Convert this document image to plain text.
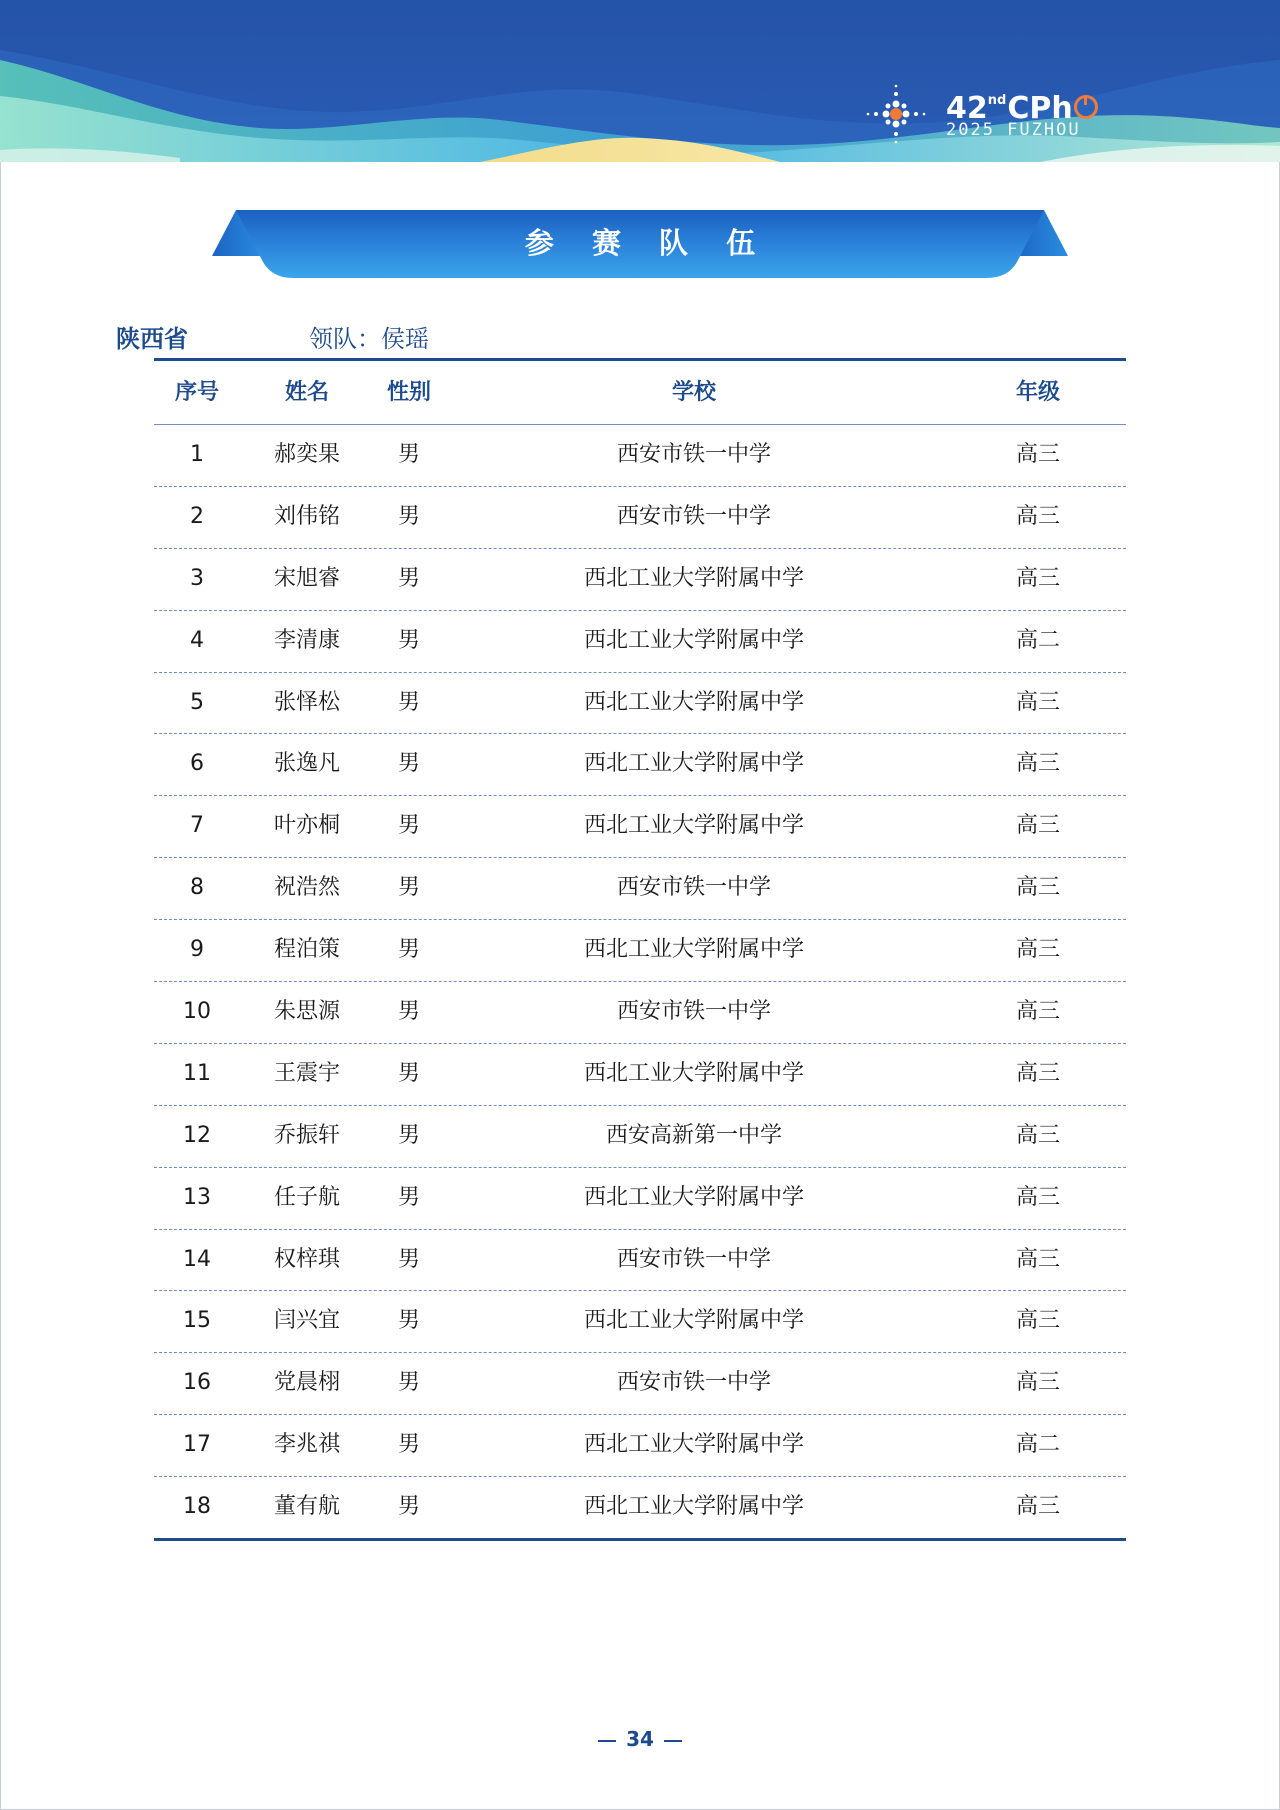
42ndCPh
2025 FUZHOU
参 赛 队 伍
陕西省	领队：侯瑶
序号	姓名	性别	学校	年级
1	郝奕果	男	西安市铁一中学	高三
2	刘伟铭	男	西安市铁一中学	高三
3	宋旭睿	男	西北工业大学附属中学	高三
4	李清康	男	西北工业大学附属中学	高二
5	张怿松	男	西北工业大学附属中学	高三
6	张逸凡	男	西北工业大学附属中学	高三
7	叶亦桐	男	西北工业大学附属中学	高三
8	祝浩然	男	西安市铁一中学	高三
9	程泊策	男	西北工业大学附属中学	高三
10	朱思源	男	西安市铁一中学	高三
11	王震宇	男	西北工业大学附属中学	高三
12	乔振轩	男	西安高新第一中学	高三
13	任子航	男	西北工业大学附属中学	高三
14	权梓琪	男	西安市铁一中学	高三
15	闫兴宜	男	西北工业大学附属中学	高三
16	党晨栩	男	西安市铁一中学	高三
17	李兆祺	男	西北工业大学附属中学	高二
18	董有航	男	西北工业大学附属中学	高三
34
